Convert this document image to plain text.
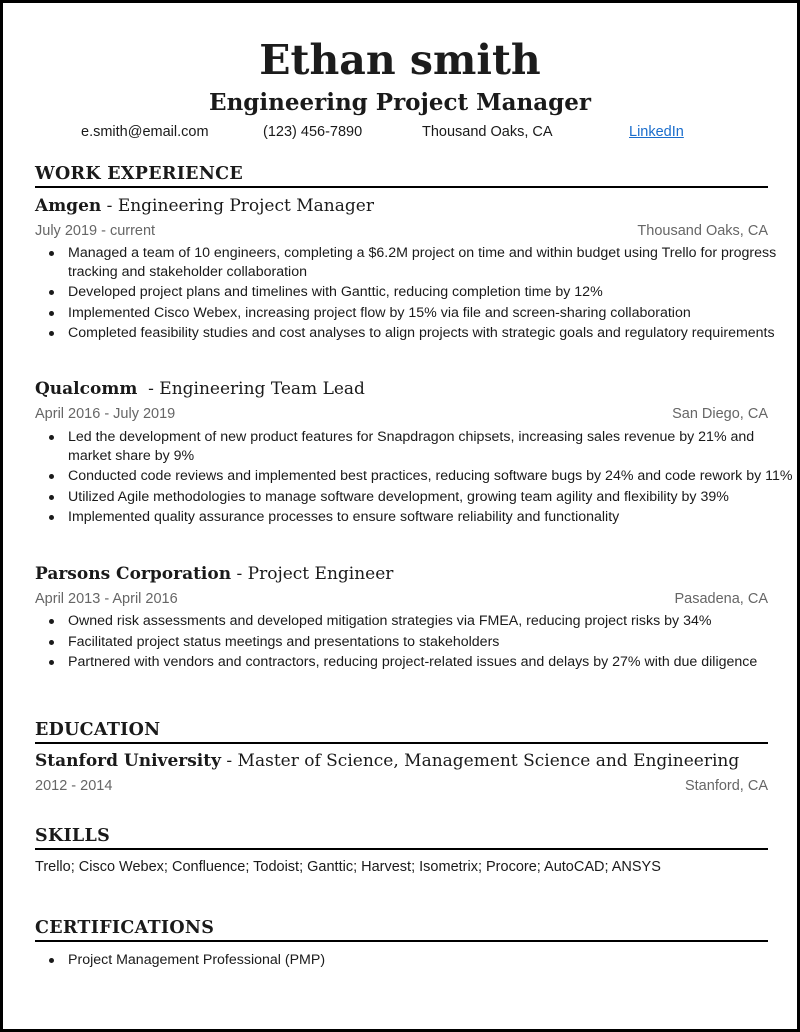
Ethan smith
Engineering Project Manager
e.smith@email.com	(123) 456-7890	Thousand Oaks, CA	LinkedIn
WORK EXPERIENCE
Amgen - Engineering Project Manager
July 2019 - current	Thousand Oaks, CA
Managed a team of 10 engineers, completing a $6.2M project on time and within budget using Trello for progress tracking and stakeholder collaboration
Developed project plans and timelines with Ganttic, reducing completion time by 12%
Implemented Cisco Webex, increasing project flow by 15% via file and screen-sharing collaboration
Completed feasibility studies and cost analyses to align projects with strategic goals and regulatory requirements
Qualcomm - Engineering Team Lead
April 2016 - July 2019	San Diego, CA
Led the development of new product features for Snapdragon chipsets, increasing sales revenue by 21% and market share by 9%
Conducted code reviews and implemented best practices, reducing software bugs by 24% and code rework by 11%
Utilized Agile methodologies to manage software development, growing team agility and flexibility by 39%
Implemented quality assurance processes to ensure software reliability and functionality
Parsons Corporation - Project Engineer
April 2013 - April 2016	Pasadena, CA
Owned risk assessments and developed mitigation strategies via FMEA, reducing project risks by 34%
Facilitated project status meetings and presentations to stakeholders
Partnered with vendors and contractors, reducing project-related issues and delays by 27% with due diligence
EDUCATION
Stanford University - Master of Science, Management Science and Engineering
2012 - 2014	Stanford, CA
SKILLS
Trello; Cisco Webex; Confluence; Todoist; Ganttic; Harvest; Isometrix; Procore; AutoCAD; ANSYS
CERTIFICATIONS
Project Management Professional (PMP)
